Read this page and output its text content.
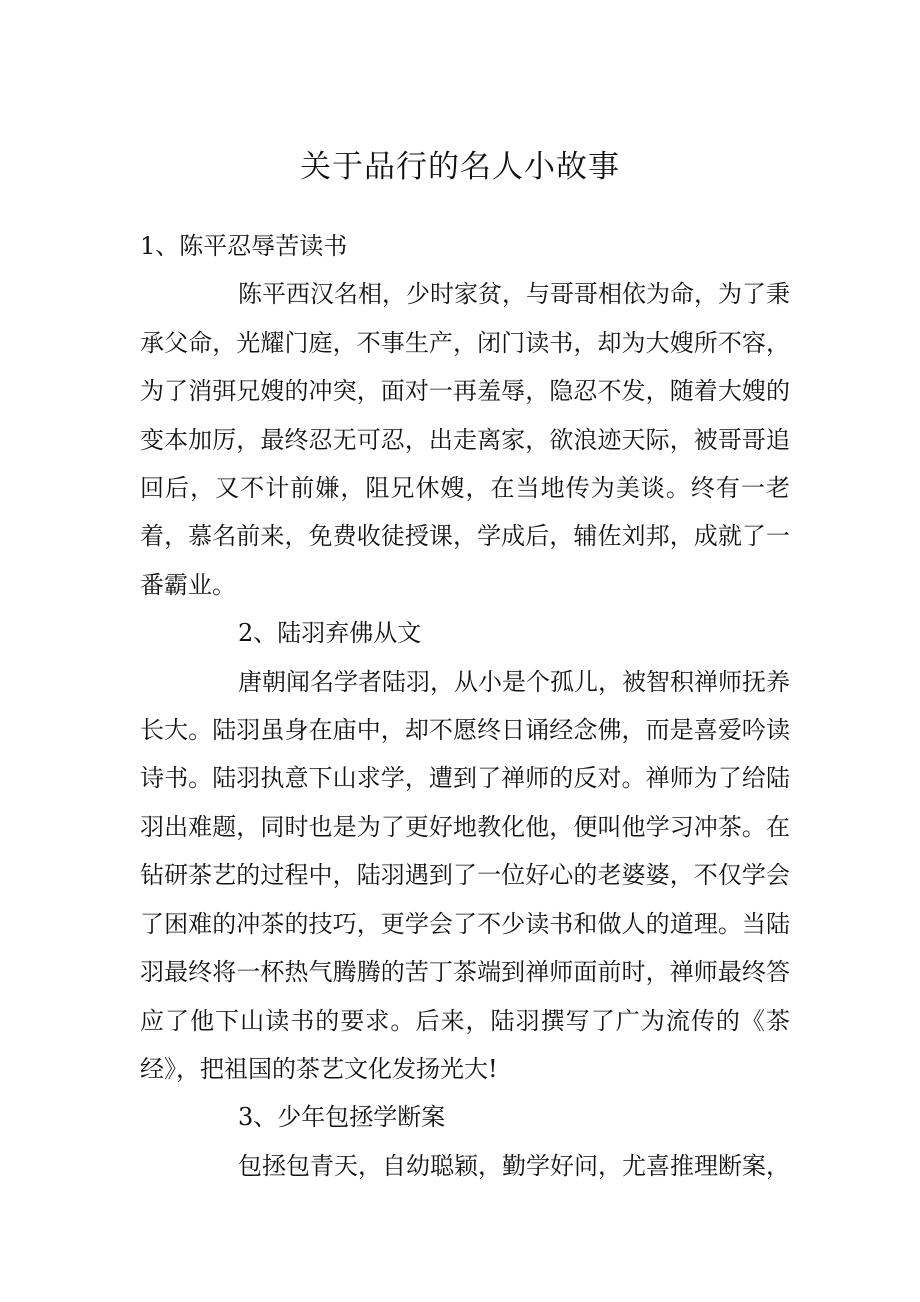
关于品行的名人小故事

1、陈平忍辱苦读书

陈平西汉名相，少时家贫，与哥哥相依为命，为了秉承父命，光耀门庭，不事生产，闭门读书，却为大嫂所不容，为了消弭兄嫂的冲突，面对一再羞辱，隐忍不发，随着大嫂的变本加厉，最终忍无可忍，出走离家，欲浪迹天际，被哥哥追回后，又不计前嫌，阻兄休嫂，在当地传为美谈。终有一老着，慕名前来，免费收徒授课，学成后，辅佐刘邦，成就了一番霸业。

2、陆羽弃佛从文

唐朝闻名学者陆羽，从小是个孤儿，被智积禅师抚养长大。陆羽虽身在庙中，却不愿终日诵经念佛，而是喜爱吟读诗书。陆羽执意下山求学，遭到了禅师的反对。禅师为了给陆羽出难题，同时也是为了更好地教化他，便叫他学习冲茶。在钻研茶艺的过程中，陆羽遇到了一位好心的老婆婆，不仅学会了困难的冲茶的技巧，更学会了不少读书和做人的道理。当陆羽最终将一杯热气腾腾的苦丁茶端到禅师面前时，禅师最终答应了他下山读书的要求。后来，陆羽撰写了广为流传的《茶经》，把祖国的茶艺文化发扬光大!

3、少年包拯学断案

包拯包青天，自幼聪颖，勤学好问，尤喜推理断案，
